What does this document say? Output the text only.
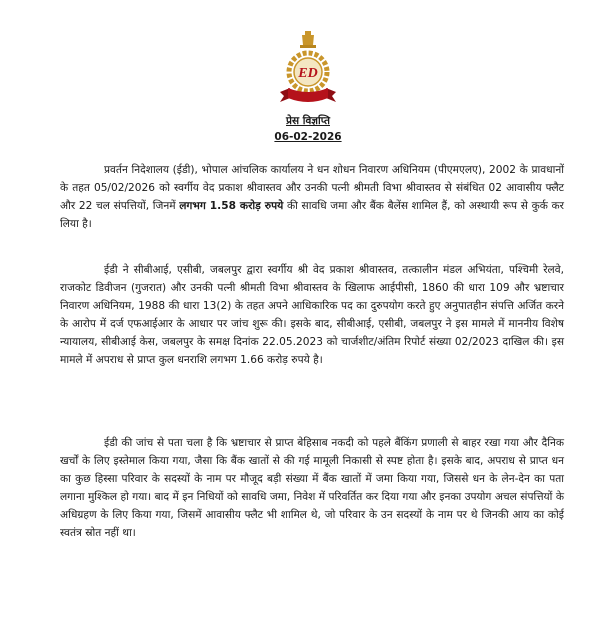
ED
प्रेस विज्ञप्ति
06-02-2026

प्रवर्तन निदेशालय (ईडी), भोपाल आंचलिक कार्यालय ने धन शोधन निवारण अधिनियम (पीएमएलए), 2002 के प्रावधानों के तहत 05/02/2026 को स्वर्गीय वेद प्रकाश श्रीवास्तव और उनकी पत्नी श्रीमती विभा श्रीवास्तव से संबंधित 02 आवासीय फ्लैट और 22 चल संपत्तियों, जिनमें लगभग 1.58 करोड़ रुपये की सावधि जमा और बैंक बैलेंस शामिल हैं, को अस्थायी रूप से कुर्क कर लिया है।

ईडी ने सीबीआई, एसीबी, जबलपुर द्वारा स्वर्गीय श्री वेद प्रकाश श्रीवास्तव, तत्कालीन मंडल अभियंता, पश्चिमी रेलवे, राजकोट डिवीजन (गुजरात) और उनकी पत्नी श्रीमती विभा श्रीवास्तव के खिलाफ आईपीसी, 1860 की धारा 109 और भ्रष्टाचार निवारण अधिनियम, 1988 की धारा 13(2) के तहत अपने आधिकारिक पद का दुरुपयोग करते हुए अनुपातहीन संपत्ति अर्जित करने के आरोप में दर्ज एफआईआर के आधार पर जांच शुरू की। इसके बाद, सीबीआई, एसीबी, जबलपुर ने इस मामले में माननीय विशेष न्यायालय, सीबीआई केस, जबलपुर के समक्ष दिनांक 22.05.2023 को चार्जशीट/अंतिम रिपोर्ट संख्या 02/2023 दाखिल की। इस मामले में अपराध से प्राप्त कुल धनराशि लगभग 1.66 करोड़ रुपये है।

ईडी की जांच से पता चला है कि भ्रष्टाचार से प्राप्त बेहिसाब नकदी को पहले बैंकिंग प्रणाली से बाहर रखा गया और दैनिक खर्चों के लिए इस्तेमाल किया गया, जैसा कि बैंक खातों से की गई मामूली निकासी से स्पष्ट होता है। इसके बाद, अपराध से प्राप्त धन का कुछ हिस्सा परिवार के सदस्यों के नाम पर मौजूद बड़ी संख्या में बैंक खातों में जमा किया गया, जिससे धन के लेन-देन का पता लगाना मुश्किल हो गया। बाद में इन निधियों को सावधि जमा, निवेश में परिवर्तित कर दिया गया और इनका उपयोग अचल संपत्तियों के अधिग्रहण के लिए किया गया, जिसमें आवासीय फ्लैट भी शामिल थे, जो परिवार के उन सदस्यों के नाम पर थे जिनकी आय का कोई स्वतंत्र स्रोत नहीं था।
